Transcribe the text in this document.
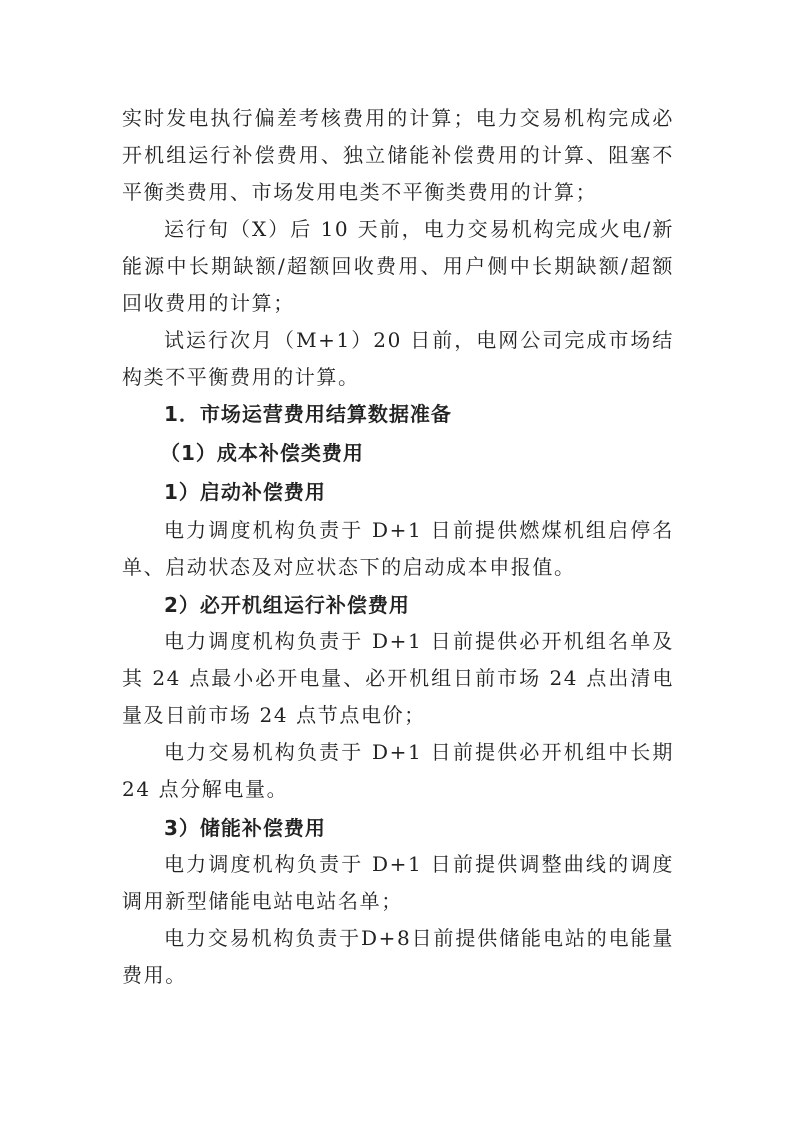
实时发电执行偏差考核费用的计算；电力交易机构完成必开机组运行补偿费用、独立储能补偿费用的计算、阻塞不平衡类费用、市场发用电类不平衡类费用的计算；

运行旬（X）后 10 天前，电力交易机构完成火电/新能源中长期缺额/超额回收费用、用户侧中长期缺额/超额回收费用的计算；

试运行次月（M+1）20 日前，电网公司完成市场结构类不平衡费用的计算。

1．市场运营费用结算数据准备

（1）成本补偿类费用

1）启动补偿费用

电力调度机构负责于 D+1 日前提供燃煤机组启停名单、启动状态及对应状态下的启动成本申报值。

2）必开机组运行补偿费用

电力调度机构负责于 D+1 日前提供必开机组名单及其 24 点最小必开电量、必开机组日前市场 24 点出清电量及日前市场 24 点节点电价；

电力交易机构负责于 D+1 日前提供必开机组中长期 24 点分解电量。

3）储能补偿费用

电力调度机构负责于 D+1 日前提供调整曲线的调度调用新型储能电站电站名单；

电力交易机构负责于D+8日前提供储能电站的电能量费用。
